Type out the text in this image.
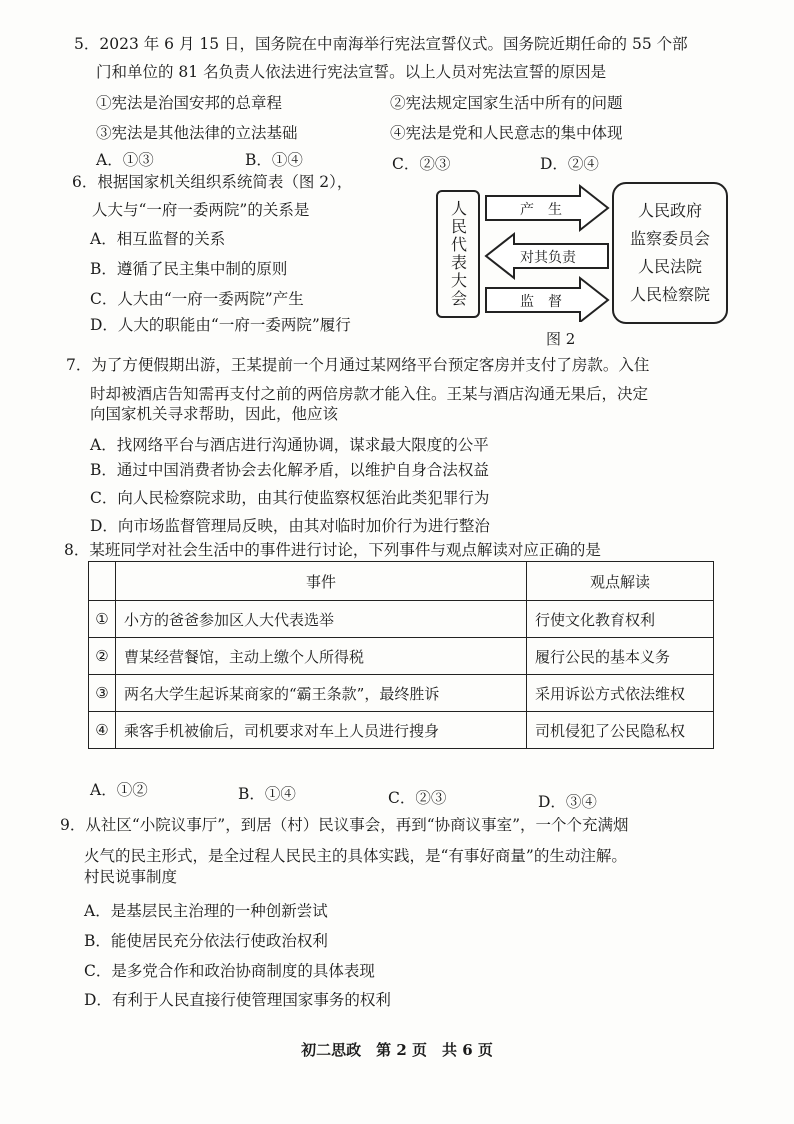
5．2023 年 6 月 15 日，国务院在中南海举行宪法宣誓仪式。国务院近期任命的 55 个部
门和单位的 81 名负责人依法进行宪法宣誓。以上人员对宪法宣誓的原因是
①宪法是治国安邦的总章程	②宪法规定国家生活中所有的问题
③宪法是其他法律的立法基础	④宪法是党和人民意志的集中体现
A．①③	B．①④	C．②③	D．②④
6．根据国家机关组织系统简表（图 2），
人大与“一府一委两院”的关系是
A．相互监督的关系
B．遵循了民主集中制的原则
C．人大由“一府一委两院”产生
D．人大的职能由“一府一委两院”履行
人民代表大会	产　生
对其负责
监　督
人民政府
监察委员会
人民法院
人民检察院
图 2
7．为了方便假期出游，王某提前一个月通过某网络平台预定客房并支付了房款。入住
时却被酒店告知需再支付之前的两倍房款才能入住。王某与酒店沟通无果后，决定
向国家机关寻求帮助，因此，他应该
A．找网络平台与酒店进行沟通协调，谋求最大限度的公平
B．通过中国消费者协会去化解矛盾，以维护自身合法权益
C．向人民检察院求助，由其行使监察权惩治此类犯罪行为
D．向市场监督管理局反映，由其对临时加价行为进行整治
8．某班同学对社会生活中的事件进行讨论，下列事件与观点解读对应正确的是
	事件	观点解读
①	小方的爸爸参加区人大代表选举	行使文化教育权利
②	曹某经营餐馆，主动上缴个人所得税	履行公民的基本义务
③	两名大学生起诉某商家的“霸王条款”，最终胜诉	采用诉讼方式依法维权
④	乘客手机被偷后，司机要求对车上人员进行搜身	司机侵犯了公民隐私权
A．①②	B．①④	C．②③	D．③④
9．从社区“小院议事厅”，到居（村）民议事会，再到“协商议事室”，一个个充满烟
火气的民主形式，是全过程人民民主的具体实践，是“有事好商量”的生动注解。
村民说事制度
A．是基层民主治理的一种创新尝试
B．能使居民充分依法行使政治权利
C．是多党合作和政治协商制度的具体表现
D．有利于人民直接行使管理国家事务的权利
初二思政　第 2 页　共 6 页
